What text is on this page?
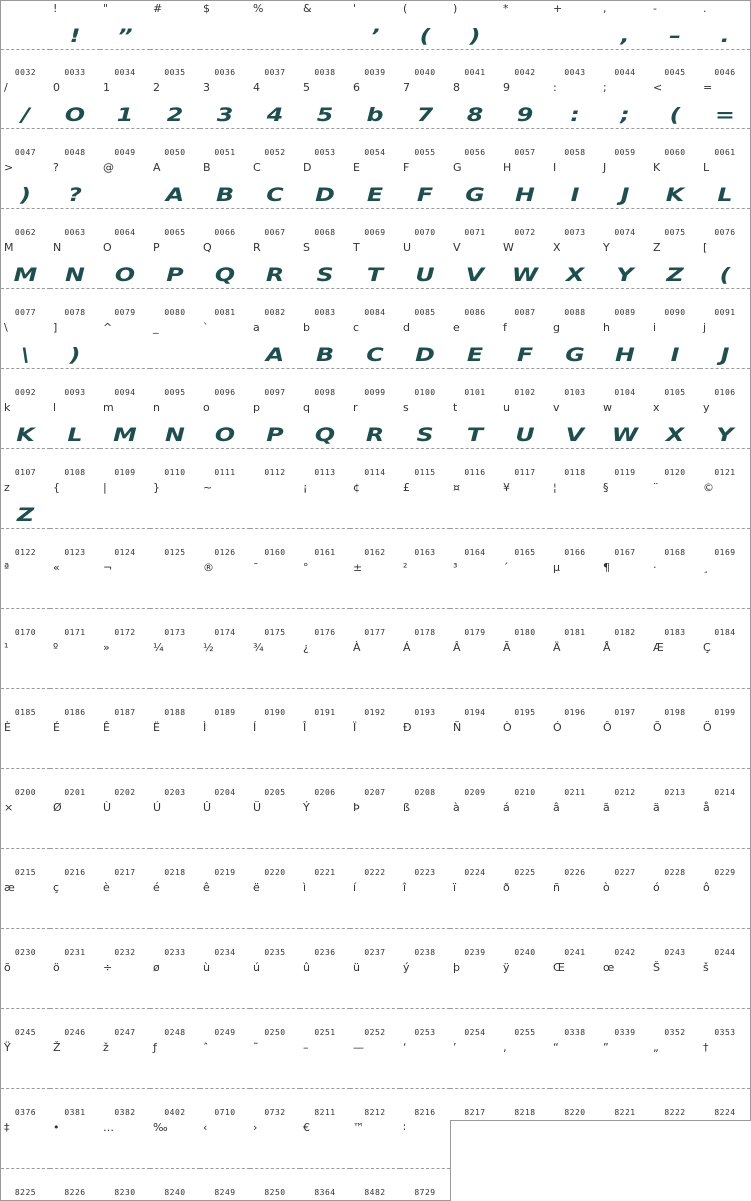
0032
!
!
0033
"
”
0034
#
0035
$
0036
%
0037
&
0038
'
’
0039
(
(
0040
)
)
0041
*
0042
+
0043
,
,
0044
-
–
0045
.
.
0046
/
/
0047
0
O
0048
1
1
0049
2
2
0050
3
3
0051
4
4
0052
5
5
0053
6
b
0054
7
7
0055
8
8
0056
9
9
0057
:
:
0058
;
;
0059
<
(
0060
=
=
0061
>
)
0062
?
?
0063
@
0064
A
A
0065
B
B
0066
C
C
0067
D
D
0068
E
E
0069
F
F
0070
G
G
0071
H
H
0072
I
I
0073
J
J
0074
K
K
0075
L
L
0076
M
M
0077
N
N
0078
O
O
0079
P
P
0080
Q
Q
0081
R
R
0082
S
S
0083
T
T
0084
U
U
0085
V
V
0086
W
W
0087
X
X
0088
Y
Y
0089
Z
Z
0090
[
(
0091
\
\
0092
]
)
0093
^
0094
_
0095
`
0096
a
A
0097
b
B
0098
c
C
0099
d
D
0100
e
E
0101
f
F
0102
g
G
0103
h
H
0104
i
I
0105
j
J
0106
k
K
0107
l
L
0108
m
M
0109
n
N
0110
o
O
0111
p
P
0112
q
Q
0113
r
R
0114
s
S
0115
t
T
0116
u
U
0117
v
V
0118
w
W
0119
x
X
0120
y
Y
0121
z
Z
0122
{
0123
|
0124
}
0125
~
0126	0160
¡
0161
¢
0162
£
0163
¤
0164
¥
0165
¦
0166
§
0167
¨
0168
©
0169
ª
0170
«
0171
¬
0172	0173
®
0174
¯
0175
°
0176
±
0177
²
0178
³
0179
´
0180
µ
0181
¶
0182
·
0183
¸
0184
¹
0185
º
0186
»
0187
¼
0188
½
0189
¾
0190
¿
0191
À
0192
Á
0193
Â
0194
Ã
0195
Ä
0196
Å
0197
Æ
0198
Ç
0199
È
0200
É
0201
Ê
0202
Ë
0203
Ì
0204
Í
0205
Î
0206
Ï
0207
Ð
0208
Ñ
0209
Ò
0210
Ó
0211
Ô
0212
Õ
0213
Ö
0214
×
0215
Ø
0216
Ù
0217
Ú
0218
Û
0219
Ü
0220
Ý
0221
Þ
0222
ß
0223
à
0224
á
0225
â
0226
ã
0227
ä
0228
å
0229
æ
0230
ç
0231
è
0232
é
0233
ê
0234
ë
0235
ì
0236
í
0237
î
0238
ï
0239
ð
0240
ñ
0241
ò
0242
ó
0243
ô
0244
õ
0245
ö
0246
÷
0247
ø
0248
ù
0249
ú
0250
û
0251
ü
0252
ý
0253
þ
0254
ÿ
0255
Œ
0338
œ
0339
Š
0352
š
0353
Ÿ
0376
Ž
0381
ž
0382
ƒ
0402
ˆ
0710
˜
0732
–
8211
—
8212
‘
8216
’
8217
‚
8218
“
8220
”
8221
„
8222
†
8224
‡
8225
•
8226
…
8230
‰
8240
‹
8249
›
8250
€
8364
™
8482
∶
8729
